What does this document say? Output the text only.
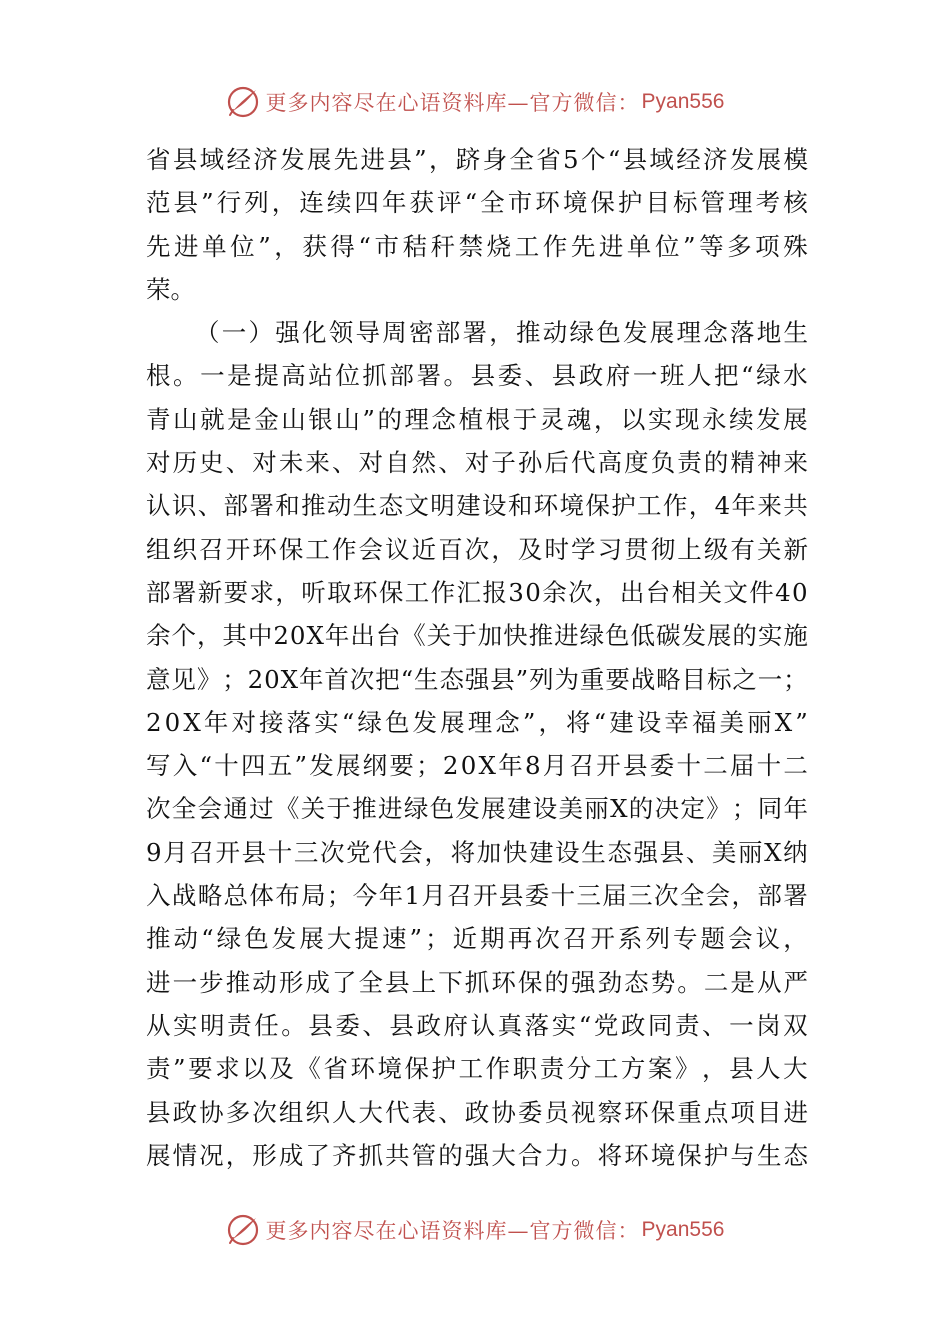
更多内容尽在心语资料库—官方微信： Pyan556
省 县 域 经 济 发 展 先 进 县 ” ， 跻 身 全 省 5 个 “ 县 域 经 济 发 展 模
范 县 ” 行 列 ， 连 续 四 年 获 评 “ 全 市 环 境 保 护 目 标 管 理 考 核
先 进 单 位 ” ， 获 得 “ 市 秸 秆 禁 烧 工 作 先 进 单 位 ” 等 多 项 殊
荣。
（ 一 ） 强 化 领 导 周 密 部 署 ， 推 动 绿 色 发 展 理 念 落 地 生
根 。 一 是 提 高 站 位 抓 部 署 。 县 委 、 县 政 府 一 班 人 把 “ 绿 水
青 山 就 是 金 山 银 山 ” 的 理 念 植 根 于 灵 魂 ， 以 实 现 永 续 发 展
对 历 史 、 对 未 来 、 对 自 然 、 对 子 孙 后 代 高 度 负 责 的 精 神 来
认 识 、 部 署 和 推 动 生 态 文 明 建 设 和 环 境 保 护 工 作 ， 4 年 来 共
组 织 召 开 环 保 工 作 会 议 近 百 次 ， 及 时 学 习 贯 彻 上 级 有 关 新
部 署 新 要 求 ， 听 取 环 保 工 作 汇 报 3 0 余 次 ， 出 台 相 关 文 件 4 0
余 个 ， 其 中 2 0 X 年 出 台 《 关 于 加 快 推 进 绿 色 低 碳 发 展 的 实 施
意 见 》 ； 2 0 X 年 首 次 把 “ 生 态 强 县 ” 列 为 重 要 战 略 目 标 之 一 ；
2 0 X 年 对 接 落 实 “ 绿 色 发 展 理 念 ” ， 将 “ 建 设 幸 福 美 丽 X ”
写 入 “ 十 四 五 ” 发 展 纲 要 ； 2 0 X 年 8 月 召 开 县 委 十 二 届 十 二
次 全 会 通 过 《 关 于 推 进 绿 色 发 展 建 设 美 丽 X 的 决 定 》 ； 同 年
9 月 召 开 县 十 三 次 党 代 会 ， 将 加 快 建 设 生 态 强 县 、 美 丽 X 纳
入 战 略 总 体 布 局 ； 今 年 1 月 召 开 县 委 十 三 届 三 次 全 会 ， 部 署
推 动 “ 绿 色 发 展 大 提 速 ” ； 近 期 再 次 召 开 系 列 专 题 会 议 ，
进 一 步 推 动 形 成 了 全 县 上 下 抓 环 保 的 强 劲 态 势 。 二 是 从 严
从 实 明 责 任 。 县 委 、 县 政 府 认 真 落 实 “ 党 政 同 责 、 一 岗 双
责 ” 要 求 以 及 《 省 环 境 保 护 工 作 职 责 分 工 方 案 》 ， 县 人 大
县 政 协 多 次 组 织 人 大 代 表 、 政 协 委 员 视 察 环 保 重 点 项 目 进
展 情 况 ， 形 成 了 齐 抓 共 管 的 强 大 合 力 。 将 环 境 保 护 与 生 态
更多内容尽在心语资料库—官方微信： Pyan556
